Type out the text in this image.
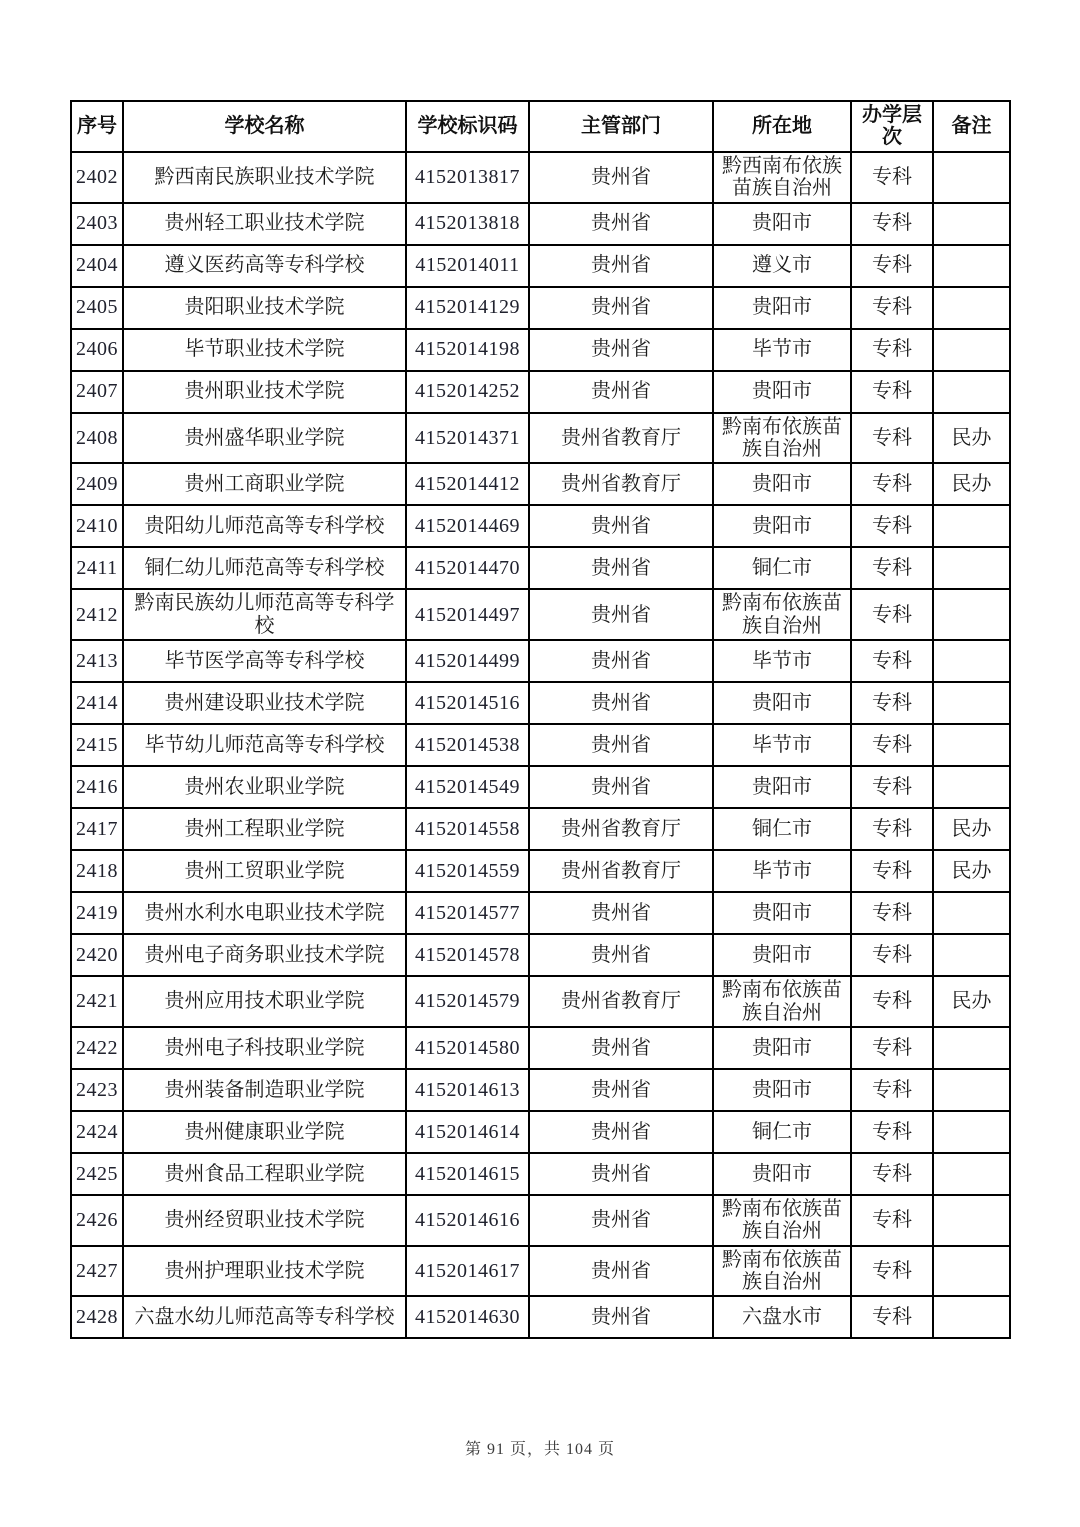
序号	学校名称	学校标识码	主管部门	所在地	办学层次	备注
2402	黔西南民族职业技术学院	4152013817	贵州省	黔西南布依族苗族自治州	专科	
2403	贵州轻工职业技术学院	4152013818	贵州省	贵阳市	专科	
2404	遵义医药高等专科学校	4152014011	贵州省	遵义市	专科	
2405	贵阳职业技术学院	4152014129	贵州省	贵阳市	专科	
2406	毕节职业技术学院	4152014198	贵州省	毕节市	专科	
2407	贵州职业技术学院	4152014252	贵州省	贵阳市	专科	
2408	贵州盛华职业学院	4152014371	贵州省教育厅	黔南布依族苗族自治州	专科	民办
2409	贵州工商职业学院	4152014412	贵州省教育厅	贵阳市	专科	民办
2410	贵阳幼儿师范高等专科学校	4152014469	贵州省	贵阳市	专科	
2411	铜仁幼儿师范高等专科学校	4152014470	贵州省	铜仁市	专科	
2412	黔南民族幼儿师范高等专科学校	4152014497	贵州省	黔南布依族苗族自治州	专科	
2413	毕节医学高等专科学校	4152014499	贵州省	毕节市	专科	
2414	贵州建设职业技术学院	4152014516	贵州省	贵阳市	专科	
2415	毕节幼儿师范高等专科学校	4152014538	贵州省	毕节市	专科	
2416	贵州农业职业学院	4152014549	贵州省	贵阳市	专科	
2417	贵州工程职业学院	4152014558	贵州省教育厅	铜仁市	专科	民办
2418	贵州工贸职业学院	4152014559	贵州省教育厅	毕节市	专科	民办
2419	贵州水利水电职业技术学院	4152014577	贵州省	贵阳市	专科	
2420	贵州电子商务职业技术学院	4152014578	贵州省	贵阳市	专科	
2421	贵州应用技术职业学院	4152014579	贵州省教育厅	黔南布依族苗族自治州	专科	民办
2422	贵州电子科技职业学院	4152014580	贵州省	贵阳市	专科	
2423	贵州装备制造职业学院	4152014613	贵州省	贵阳市	专科	
2424	贵州健康职业学院	4152014614	贵州省	铜仁市	专科	
2425	贵州食品工程职业学院	4152014615	贵州省	贵阳市	专科	
2426	贵州经贸职业技术学院	4152014616	贵州省	黔南布依族苗族自治州	专科	
2427	贵州护理职业技术学院	4152014617	贵州省	黔南布依族苗族自治州	专科	
2428	六盘水幼儿师范高等专科学校	4152014630	贵州省	六盘水市	专科	
第 91 页，共 104 页
